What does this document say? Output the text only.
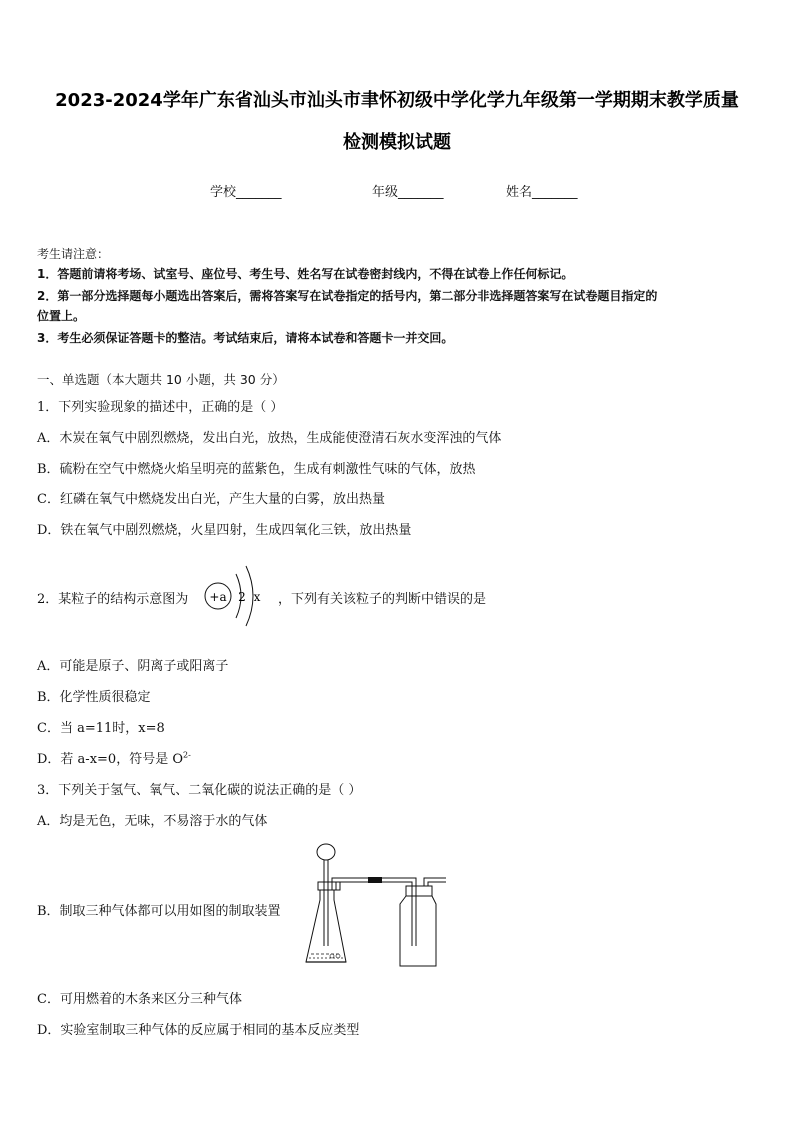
2023-2024学年广东省汕头市汕头市聿怀初级中学化学九年级第一学期期末教学质量
检测模拟试题
学校_______	年级_______	姓名_______
考生请注意：
1．答题前请将考场、试室号、座位号、考生号、姓名写在试卷密封线内，不得在试卷上作任何标记。
2．第一部分选择题每小题选出答案后，需将答案写在试卷指定的括号内，第二部分非选择题答案写在试卷题目指定的
位置上。
3．考生必须保证答题卡的整洁。考试结束后，请将本试卷和答题卡一并交回。
一、单选题（本大题共 10 小题，共 30 分）
1．下列实验现象的描述中，正确的是（ ）
A．木炭在氧气中剧烈燃烧，发出白光，放热，生成能使澄清石灰水变浑浊的气体
B．硫粉在空气中燃烧火焰呈明亮的蓝紫色，生成有刺激性气味的气体，放热
C．红磷在氧气中燃烧发出白光，产生大量的白雾，放出热量
D．铁在氧气中剧烈燃烧，火星四射，生成四氧化三铁，放出热量
2．某粒子的结构示意图为 +a 2 x ，下列有关该粒子的判断中错误的是
A．可能是原子、阴离子或阳离子
B．化学性质很稳定
C．当 a=11时，x=8
D．若 a-x=0，符号是 $O^{2-}$
3．下列关于氢气、氧气、二氧化碳的说法正确的是（ ）
A．均是无色，无味，不易溶于水的气体
B．制取三种气体都可以用如图的制取装置
C．可用燃着的木条来区分三种气体
D．实验室制取三种气体的反应属于相同的基本反应类型
